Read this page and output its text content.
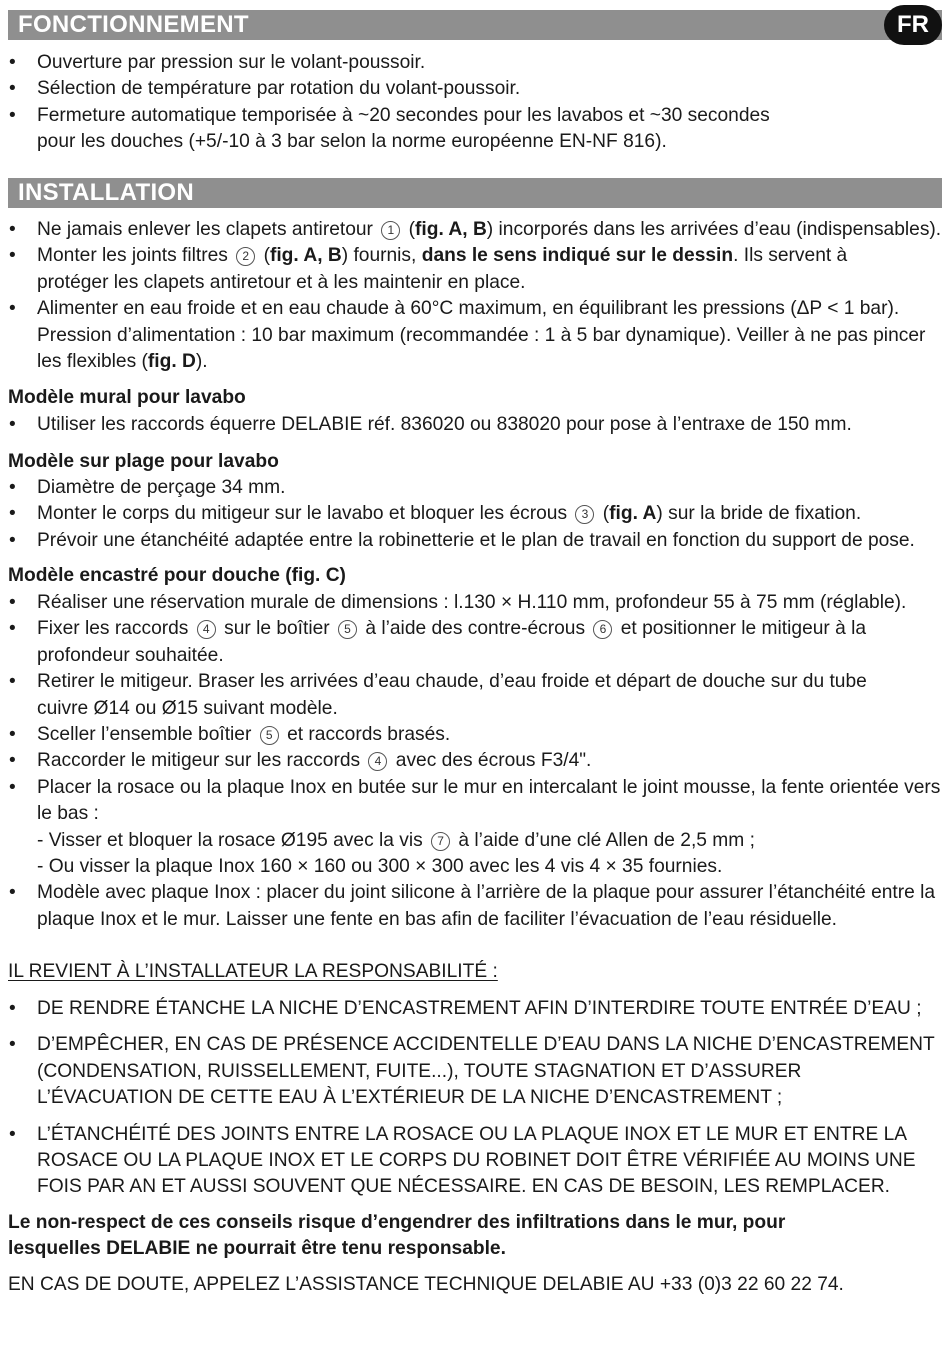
FONCTIONNEMENT	FR
• Ouverture par pression sur le volant-poussoir.
• Sélection de température par rotation du volant-poussoir.
• Fermeture automatique temporisée à ~20 secondes pour les lavabos et ~30 secondes pour les douches (+5/-10 à 3 bar selon la norme européenne EN-NF 816).
INSTALLATION
• Ne jamais enlever les clapets antiretour 1 (fig. A, B) incorporés dans les arrivées d’eau (indispensables).
• Monter les joints filtres 2 (fig. A, B) fournis, dans le sens indiqué sur le dessin. Ils servent à protéger les clapets antiretour et à les maintenir en place.
• Alimenter en eau froide et en eau chaude à 60°C maximum, en équilibrant les pressions (ΔP < 1 bar). Pression d’alimentation : 10 bar maximum (recommandée : 1 à 5 bar dynamique). Veiller à ne pas pincer les flexibles (fig. D).
Modèle mural pour lavabo
• Utiliser les raccords équerre DELABIE réf. 836020 ou 838020 pour pose à l’entraxe de 150 mm.
Modèle sur plage pour lavabo
• Diamètre de perçage 34 mm.
• Monter le corps du mitigeur sur le lavabo et bloquer les écrous 3 (fig. A) sur la bride de fixation.
• Prévoir une étanchéité adaptée entre la robinetterie et le plan de travail en fonction du support de pose.
Modèle encastré pour douche (fig. C)
• Réaliser une réservation murale de dimensions : l.130 × H.110 mm, profondeur 55 à 75 mm (réglable).
• Fixer les raccords 4 sur le boîtier 5 à l’aide des contre-écrous 6 et positionner le mitigeur à la profondeur souhaitée.
• Retirer le mitigeur. Braser les arrivées d’eau chaude, d’eau froide et départ de douche sur du tube cuivre Ø14 ou Ø15 suivant modèle.
• Sceller l’ensemble boîtier 5 et raccords brasés.
• Raccorder le mitigeur sur les raccords 4 avec des écrous F3/4".
• Placer la rosace ou la plaque Inox en butée sur le mur en intercalant le joint mousse, la fente orientée vers le bas :
- Visser et bloquer la rosace Ø195 avec la vis 7 à l’aide d’une clé Allen de 2,5 mm ;
- Ou visser la plaque Inox 160 × 160 ou 300 × 300 avec les 4 vis 4 × 35 fournies.
• Modèle avec plaque Inox : placer du joint silicone à l’arrière de la plaque pour assurer l’étanchéité entre la plaque Inox et le mur. Laisser une fente en bas afin de faciliter l’évacuation de l’eau résiduelle.
IL REVIENT À L’INSTALLATEUR LA RESPONSABILITÉ :
• DE RENDRE ÉTANCHE LA NICHE D’ENCASTREMENT AFIN D’INTERDIRE TOUTE ENTRÉE D’EAU ;
• D’EMPÊCHER, EN CAS DE PRÉSENCE ACCIDENTELLE D’EAU DANS LA NICHE D’ENCASTREMENT (CONDENSATION, RUISSELLEMENT, FUITE...), TOUTE STAGNATION ET D’ASSURER L’ÉVACUATION DE CETTE EAU À L’EXTÉRIEUR DE LA NICHE D’ENCASTREMENT ;
• L’ÉTANCHÉITÉ DES JOINTS ENTRE LA ROSACE OU LA PLAQUE INOX ET LE MUR ET ENTRE LA ROSACE OU LA PLAQUE INOX ET LE CORPS DU ROBINET DOIT ÊTRE VÉRIFIÉE AU MOINS UNE FOIS PAR AN ET AUSSI SOUVENT QUE NÉCESSAIRE. EN CAS DE BESOIN, LES REMPLACER.
Le non-respect de ces conseils risque d’engendrer des infiltrations dans le mur, pour lesquelles DELABIE ne pourrait être tenu responsable.
EN CAS DE DOUTE, APPELEZ L’ASSISTANCE TECHNIQUE DELABIE AU +33 (0)3 22 60 22 74.
